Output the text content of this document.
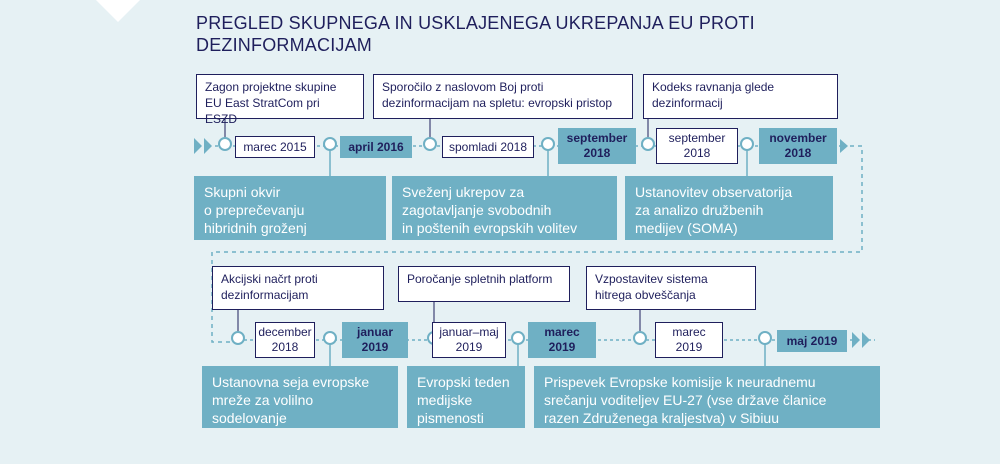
PREGLED SKUPNEGA IN USKLAJENEGA UKREPANJA EU PROTI
DEZINFORMACIJAM
Zagon projektne skupine
EU East StratCom pri ESZD
Sporočilo z naslovom Boj proti
dezinformacijam na spletu: evropski pristop
Kodeks ravnanja glede
dezinformacij
marec 2015	spomladi 2018
september
2018
april 2016
september
2018
november
2018
Skupni okvir
o preprečevanju
hibridnih groženj
Sveženj ukrepov za
zagotavljanje svobodnih
in poštenih evropskih volitev
Ustanovitev observatorija
za analizo družbenih
medijev (SOMA)
Akcijski načrt proti
dezinformacijam
Poročanje spletnih platform	Vzpostavitev sistema
hitrega obveščanja
december
2018
januar–maj
2019
marec
2019
januar
2019
marec
2019	maj 2019
Ustanovna seja evropske
mreže za volilno
sodelovanje
Evropski teden
medijske
pismenosti
Prispevek Evropske komisije k neuradnemu
srečanju voditeljev EU-27 (vse države članice
razen Združenega kraljestva) v Sibiuu
